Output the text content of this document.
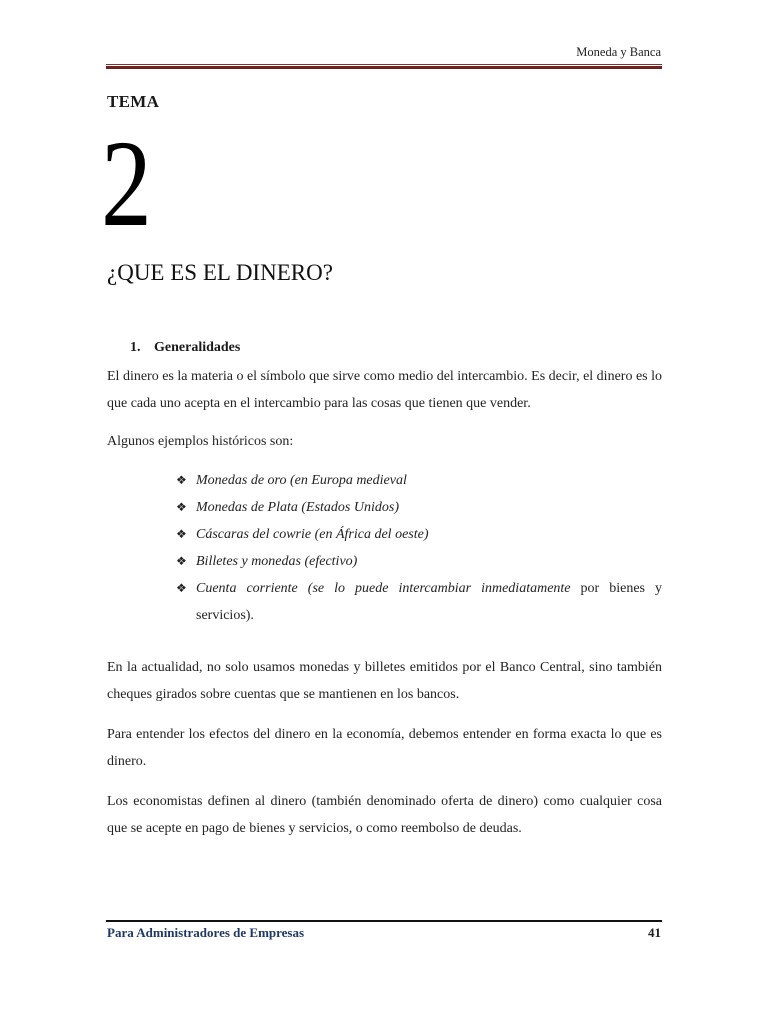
Moneda y Banca
TEMA
2
¿QUE ES EL DINERO?
1. Generalidades
El dinero es la materia o el símbolo que sirve como medio del intercambio. Es decir, el dinero es lo que cada uno acepta en el intercambio para las cosas que tienen que vender.
Algunos ejemplos históricos son:
❖ Monedas de oro (en Europa medieval
❖ Monedas de Plata (Estados Unidos)
❖ Cáscaras del cowrie (en África del oeste)
❖ Billetes y monedas (efectivo)
❖ Cuenta corriente (se lo puede intercambiar inmediatamente por bienes y servicios).
En la actualidad, no solo usamos monedas y billetes emitidos por el Banco Central, sino también cheques girados sobre cuentas que se mantienen en los bancos.
Para entender los efectos del dinero en la economía, debemos entender en forma exacta lo que es dinero.
Los economistas definen al dinero (también denominado oferta de dinero) como cualquier cosa que se acepte en pago de bienes y servicios, o como reembolso de deudas.
Para Administradores de Empresas	41
